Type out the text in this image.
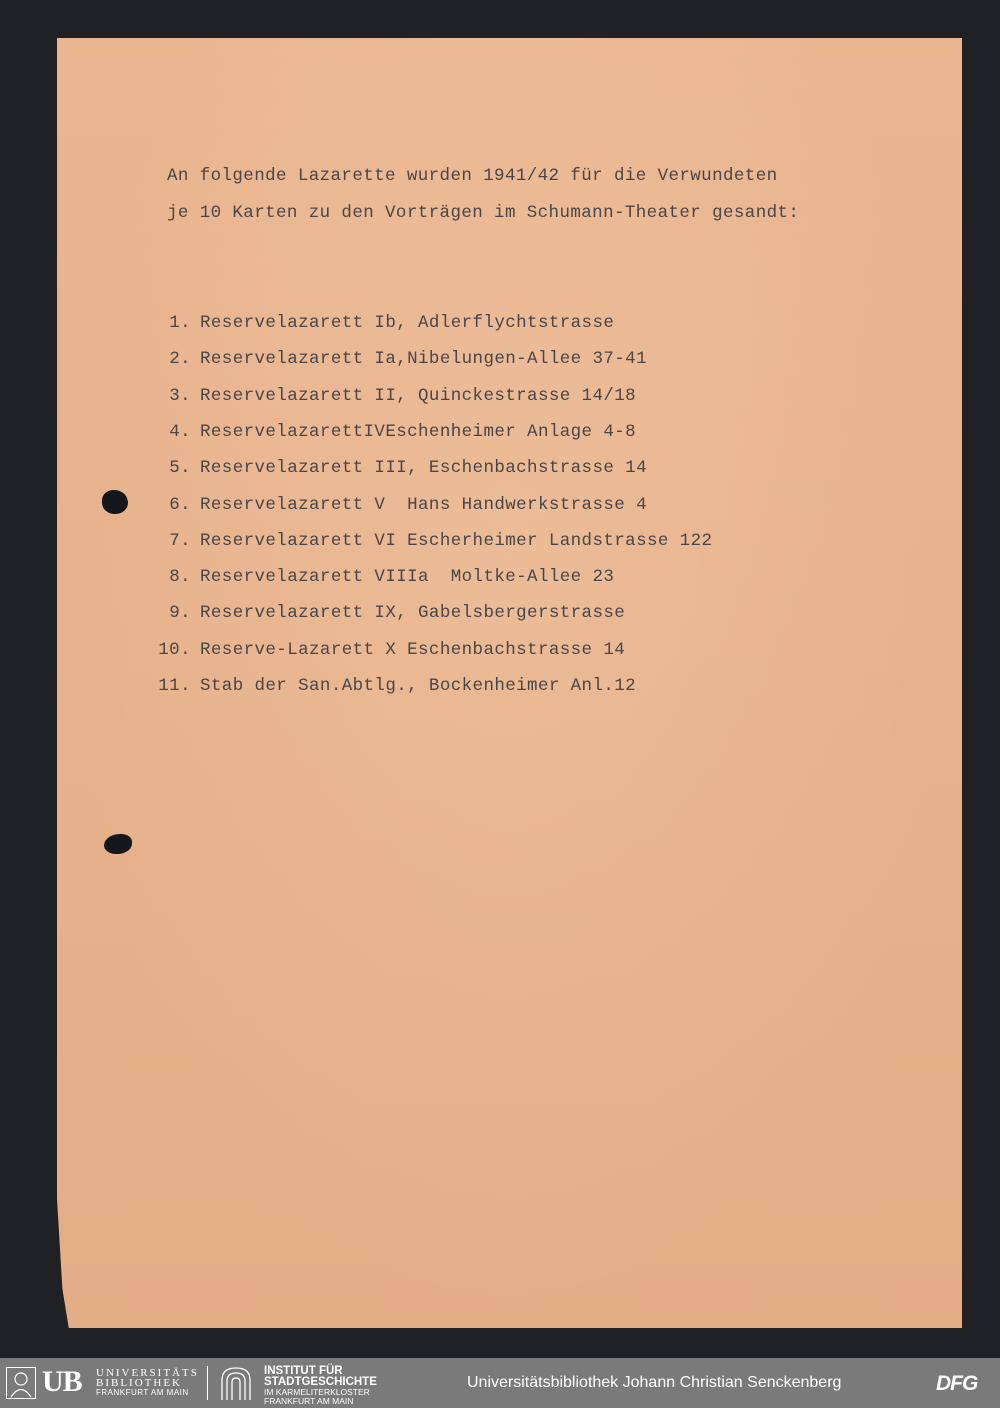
An folgende Lazarette wurden 1941/42 für die Verwundeten
je 10 Karten zu den Vorträgen im Schumann-Theater gesandt:
1. Reservelazarett Ib, Adlerflychtstrasse
2. Reservelazarett Ia,Nibelungen-Allee 37-41
3. Reservelazarett II, Quinckestrasse 14/18
4. ReservelazarettIVEschenheimer Anlage 4-8
5. Reservelazarett III, Eschenbachstrasse 14
6. Reservelazarett V  Hans Handwerkstrasse 4
7. Reservelazarett VI Escherheimer Landstrasse 122
8. Reservelazarett VIIIa  Moltke-Allee 23
9. Reservelazarett IX, Gabelsbergerstrasse
10. Reserve-Lazarett X Eschenbachstrasse 14
11. Stab der San.Abtlg., Bockenheimer Anl.12
UB UNIVERSITÄTS
BIBLIOTHEK
FRANKFURT AM MAIN
INSTITUT FÜR
STADTGESCHICHTE
IM KARMELITERKLOSTER
FRANKFURT AM MAIN
Universitätsbibliothek Johann Christian Senckenberg	DFG
